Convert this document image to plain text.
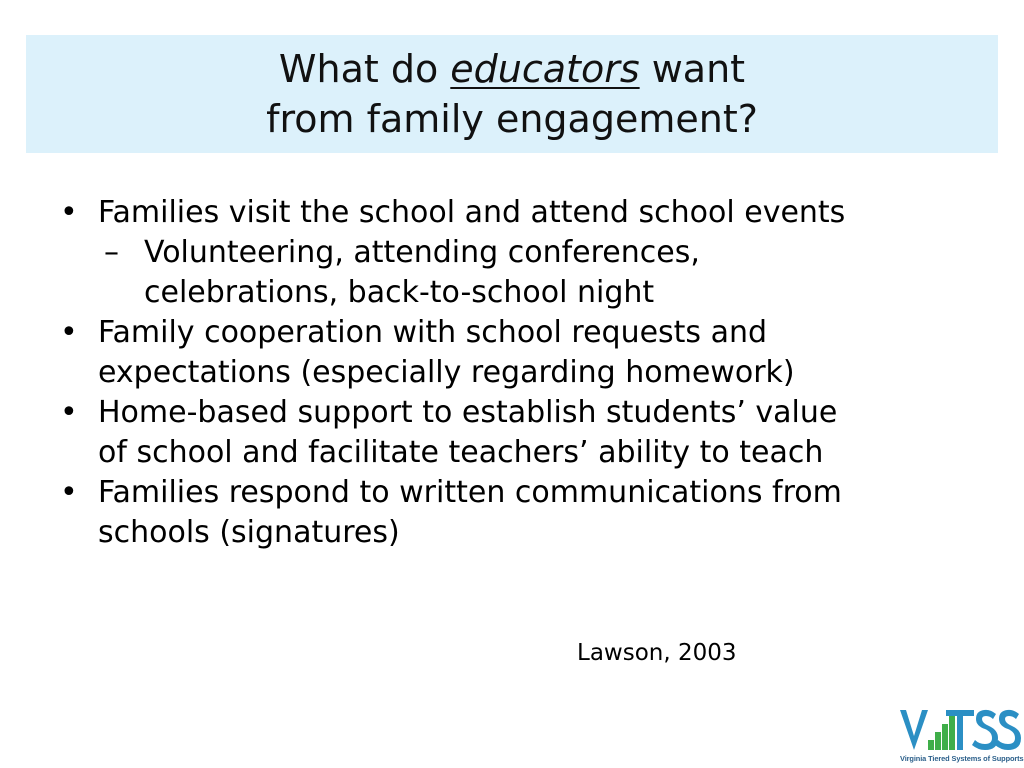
What do educators want
from family engagement?
• Families visit the school and attend school events
– Volunteering, attending conferences,
celebrations, back-to-school night
• Family cooperation with school requests and
expectations (especially regarding homework)
• Home-based support to establish students’ value
of school and facilitate teachers’ ability to teach
• Families respond to written communications from
schools (signatures)
Lawson, 2003
Virginia Tiered Systems of Supports
